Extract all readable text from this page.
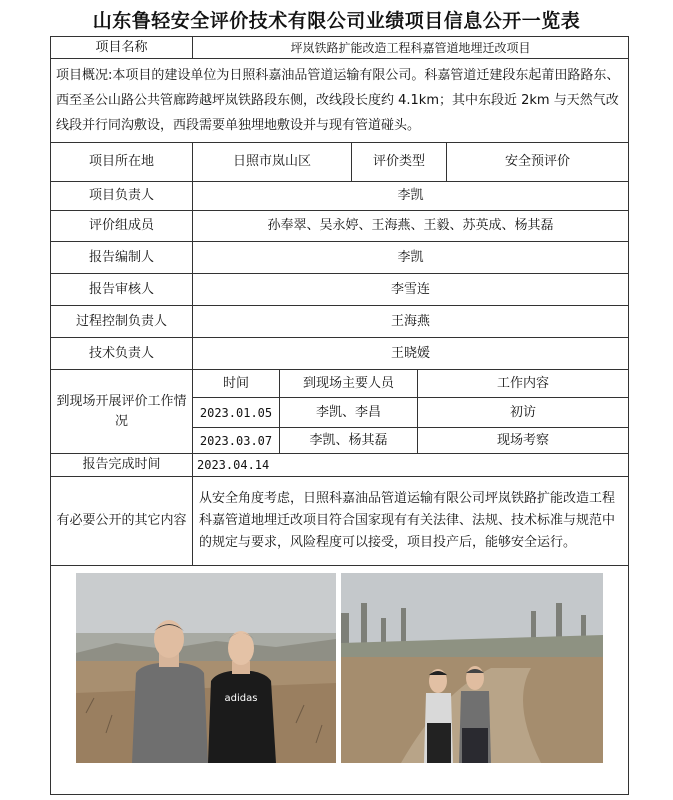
山东鲁轻安全评价技术有限公司业绩项目信息公开一览表
项目名称	坪岚铁路扩能改造工程科嘉管道地埋迁改项目				
项目概况:本项目的建设单位为日照科嘉油品管道运输有限公司。科嘉管道迁建段东起莆田路路东、西至圣公山路公共管廊跨越坪岚铁路段东侧，改线段长度约 4.1km；其中东段近 2km 与天然气改线段并行同沟敷设，西段需要单独埋地敷设并与现有管道碰头。					
项目所在地	日照市岚山区		评价类型		安全预评价
项目负责人	李凯				
评价组成员	孙奉翠、吴永婷、王海燕、王毅、苏英成、杨其磊				
报告编制人	李凯				
报告审核人	李雪连				
过程控制负责人	王海燕				
技术负责人	王晓媛				
到现场开展评价工作情况	时间	到现场主要人员		工作内容	
	2023.01.05	李凯、李昌		初访	
	2023.03.07	李凯、杨其磊		现场考察	
报告完成时间	2023.04.14				
有必要公开的其它内容	从安全角度考虑，日照科嘉油品管道运输有限公司坪岚铁路扩能改造工程科嘉管道地埋迁改项目符合国家现有有关法律、法规、技术标准与规范中的规定与要求，风险程度可以接受，项目投产后，能够安全运行。				

adidas					
